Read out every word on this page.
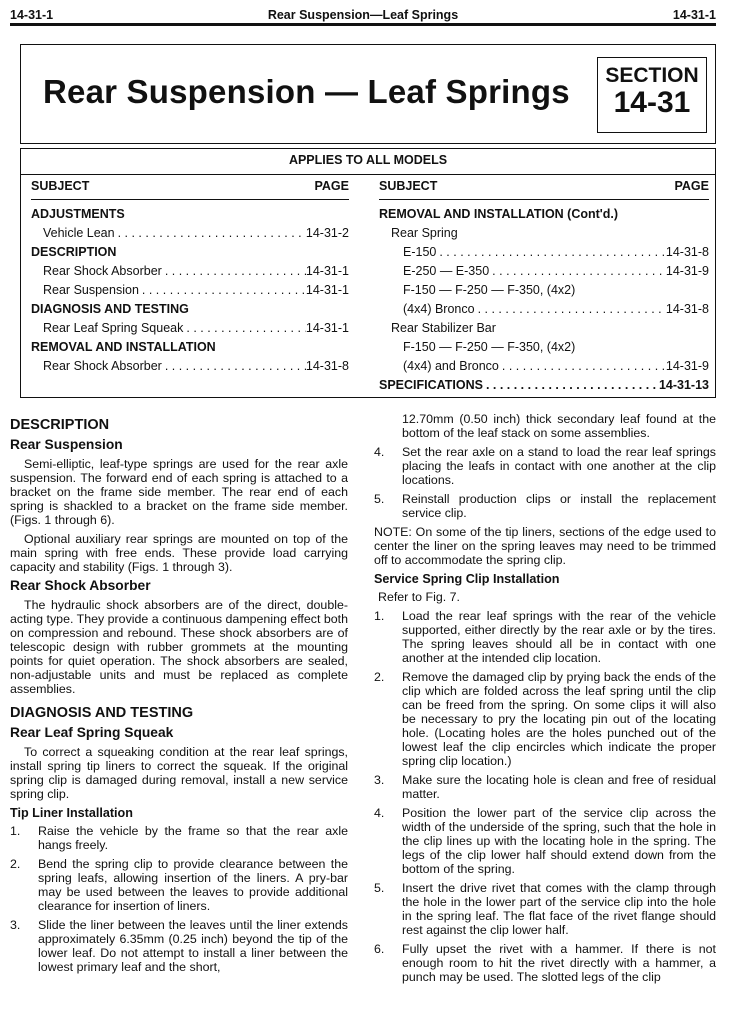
14-31-1	Rear Suspension—Leaf Springs	14-31-1
Rear Suspension — Leaf Springs	SECTION
14-31
APPLIES TO ALL MODELS
SUBJECT	PAGE
ADJUSTMENTS
Vehicle Lean . . .	14-31-2
DESCRIPTION
Rear Shock Absorber . . .	14-31-1
Rear Suspension . . .	14-31-1
DIAGNOSIS AND TESTING
Rear Leaf Spring Squeak . . .	14-31-1
REMOVAL AND INSTALLATION
Rear Shock Absorber . . .	14-31-8
SUBJECT	PAGE
REMOVAL AND INSTALLATION (Cont'd.)
Rear Spring
E-150 . . .	14-31-8
E-250 — E-350 . . .	14-31-9
F-150 — F-250 — F-350, (4x2)
(4x4) Bronco . . .	14-31-8
Rear Stabilizer Bar
F-150 — F-250 — F-350, (4x2)
(4x4) and Bronco . . .	14-31-9
SPECIFICATIONS . . .	14-31-13
DESCRIPTION
Rear Suspension

Semi-elliptic, leaf-type springs are used for the rear axle suspension. The forward end of each spring is attached to a bracket on the frame side member. The rear end of each spring is shackled to a bracket on the frame side member. (Figs. 1 through 6).

Optional auxiliary rear springs are mounted on top of the main spring with free ends. These provide load carrying capacity and stability (Figs. 1 through 3).

Rear Shock Absorber

The hydraulic shock absorbers are of the direct, double-acting type. They provide a continuous dampening effect both on compression and rebound. These shock absorbers are of telescopic design with rubber grommets at the mounting points for quiet operation. The shock absorbers are sealed, non-adjustable units and must be replaced as complete assemblies.

DIAGNOSIS AND TESTING
Rear Leaf Spring Squeak

To correct a squeaking condition at the rear leaf springs, install spring tip liners to correct the squeak. If the original spring clip is damaged during removal, install a new service spring clip.

Tip Liner Installation
1.	Raise the vehicle by the frame so that the rear axle hangs freely.
2.	Bend the spring clip to provide clearance between the spring leafs, allowing insertion of the liners. A pry-bar may be used between the leaves to provide additional clearance for insertion of liners.
3.	Slide the liner between the leaves until the liner extends approximately 6.35mm (0.25 inch) beyond the tip of the lower leaf. Do not attempt to install a liner between the lowest primary leaf and the short,
12.70mm (0.50 inch) thick secondary leaf found at the bottom of the leaf stack on some assemblies.
4.	Set the rear axle on a stand to load the rear leaf springs placing the leafs in contact with one another at the clip locations.
5.	Reinstall production clips or install the replacement service clip.

NOTE: On some of the tip liners, sections of the edge used to center the liner on the spring leaves may need to be trimmed off to accommodate the spring clip.

Service Spring Clip Installation
Refer to Fig. 7.
1.	Load the rear leaf springs with the rear of the vehicle supported, either directly by the rear axle or by the tires. The spring leaves should all be in contact with one another at the intended clip location.
2.	Remove the damaged clip by prying back the ends of the clip which are folded across the leaf spring until the clip can be freed from the spring. On some clips it will also be necessary to pry the locating pin out of the locating hole. (Locating holes are the holes punched out of the lowest leaf the clip encircles which indicate the proper spring clip location.)
3.	Make sure the locating hole is clean and free of residual matter.
4.	Position the lower part of the service clip across the width of the underside of the spring, such that the hole in the clip lines up with the locating hole in the spring. The legs of the clip lower half should extend down from the bottom of the spring.
5.	Insert the drive rivet that comes with the clamp through the hole in the lower part of the service clip into the hole in the spring leaf. The flat face of the rivet flange should rest against the clip lower half.
6.	Fully upset the rivet with a hammer. If there is not enough room to hit the rivet directly with a hammer, a punch may be used. The slotted legs of the clip
